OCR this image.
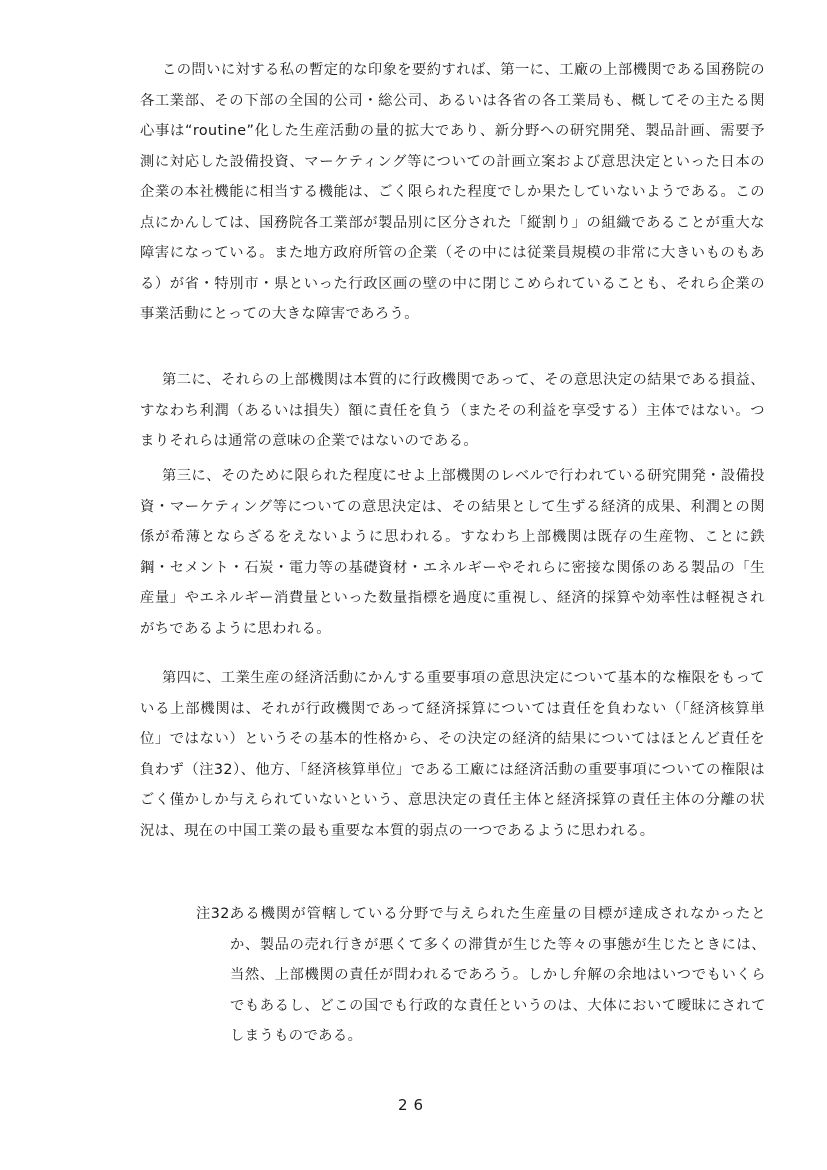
この問いに対する私の暫定的な印象を要約すれば、第一に、工廠の上部機関である国務院の各工業部、その下部の全国的公司・総公司、あるいは各省の各工業局も、概してその主たる関心事は“routine”化した生産活動の量的拡大であり、新分野への研究開発、製品計画、需要予測に対応した設備投資、マーケティング等についての計画立案および意思決定といった日本の企業の本社機能に相当する機能は、ごく限られた程度でしか果たしていないようである。この点にかんしては、国務院各工業部が製品別に区分された「縦割り」の組織であることが重大な障害になっている。また地方政府所管の企業（その中には従業員規模の非常に大きいものもある）が省・特別市・県といった行政区画の壁の中に閉じこめられていることも、それら企業の事業活動にとっての大きな障害であろう。

第二に、それらの上部機関は本質的に行政機関であって、その意思決定の結果である損益、すなわち利潤（あるいは損失）額に責任を負う（またその利益を享受する）主体ではない。つまりそれらは通常の意味の企業ではないのである。

第三に、そのために限られた程度にせよ上部機関のレベルで行われている研究開発・設備投資・マーケティング等についての意思決定は、その結果として生ずる経済的成果、利潤との関係が希薄とならざるをえないように思われる。すなわち上部機関は既存の生産物、ことに鉄鋼・セメント・石炭・電力等の基礎資材・エネルギーやそれらに密接な関係のある製品の「生産量」やエネルギー消費量といった数量指標を過度に重視し、経済的採算や効率性は軽視されがちであるように思われる。

第四に、工業生産の経済活動にかんする重要事項の意思決定について基本的な権限をもっている上部機関は、それが行政機関であって経済採算については責任を負わない（「経済核算単位」ではない）というその基本的性格から、その決定の経済的結果についてはほとんど責任を負わず（注32）、他方、「経済核算単位」である工廠には経済活動の重要事項についての権限はごく僅かしか与えられていないという、意思決定の責任主体と経済採算の責任主体の分離の状況は、現在の中国工業の最も重要な本質的弱点の一つであるように思われる。

注32.
ある機関が管轄している分野で与えられた生産量の目標が達成されなかったとか、製品の売れ行きが悪くて多くの滞貨が生じた等々の事態が生じたときには、当然、上部機関の責任が問われるであろう。しかし弁解の余地はいつでもいくらでもあるし、どこの国でも行政的な責任というのは、大体において曖昧にされてしまうものである。
26
